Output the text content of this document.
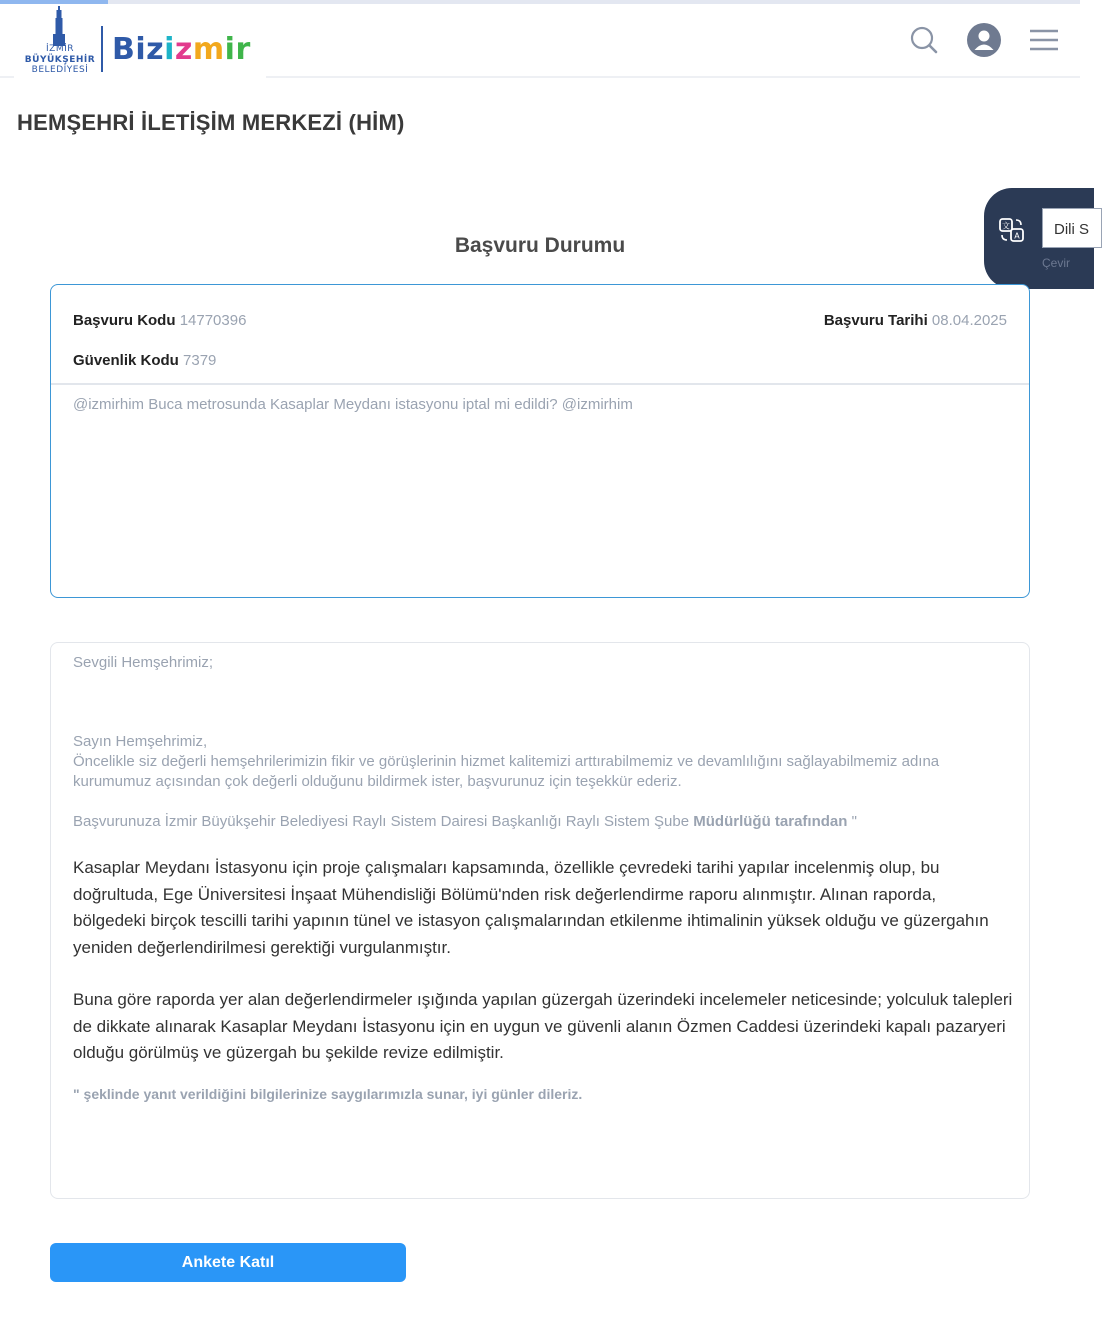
İZMİR
BÜYÜKŞEHİR
BELEDİYESİ
Bizizmir
HEMŞEHRİ İLETİŞİM MERKEZİ (HİM)
文
A	Dili S
Çevir
Başvuru Durumu
Başvuru Kodu 14770396	Başvuru Tarihi 08.04.2025
Güvenlik Kodu 7379
@izmirhim Buca metrosunda Kasaplar Meydanı istasyonu iptal mi edildi? @izmirhim
Sevgili Hemşehrimiz;
Sayın Hemşehrimiz,
Öncelikle siz değerli hemşehrilerimizin fikir ve görüşlerinin hizmet kalitemizi arttırabilmemiz ve devamlılığını sağlayabilmemiz adına kurumumuz açısından çok değerli olduğunu bildirmek ister, başvurunuz için teşekkür ederiz.
Başvurunuza İzmir Büyükşehir Belediyesi Raylı Sistem Dairesi Başkanlığı Raylı Sistem Şube Müdürlüğü tarafından "

Kasaplar Meydanı İstasyonu için proje çalışmaları kapsamında, özellikle çevredeki tarihi yapılar incelenmiş olup, bu doğrultuda, Ege Üniversitesi İnşaat Mühendisliği Bölümü'nden risk değerlendirme raporu alınmıştır. Alınan raporda, bölgedeki birçok tescilli tarihi yapının tünel ve istasyon çalışmalarından etkilenme ihtimalinin yüksek olduğu ve güzergahın yeniden değerlendirilmesi gerektiği vurgulanmıştır.

Buna göre raporda yer alan değerlendirmeler ışığında yapılan güzergah üzerindeki incelemeler neticesinde; yolculuk talepleri de dikkate alınarak Kasaplar Meydanı İstasyonu için en uygun ve güvenli alanın Özmen Caddesi üzerindeki kapalı pazaryeri olduğu görülmüş ve güzergah bu şekilde revize edilmiştir.

" şeklinde yanıt verildiğini bilgilerinize saygılarımızla sunar, iyi günler dileriz.
Ankete Katıl
